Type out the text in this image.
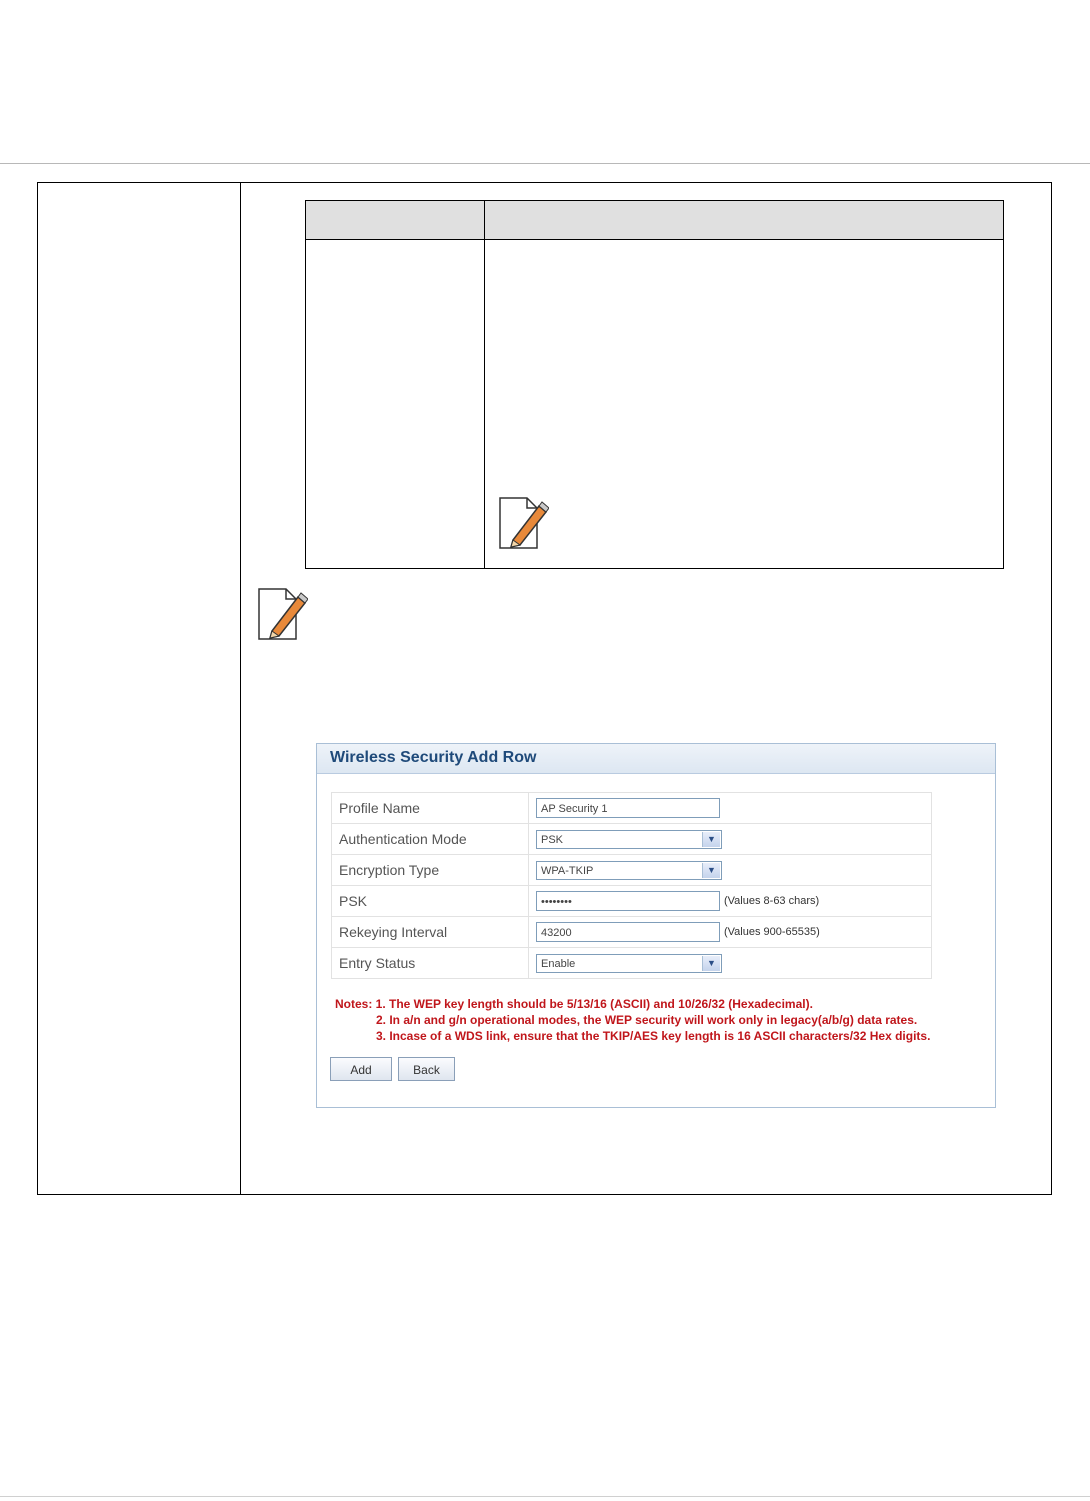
Wireless Security Add Row
Profile Name	AP Security 1
Authentication Mode	PSK ▼

Encryption Type	WPA-TKIP ▼

PSK	•••••••• (Values 8-63 chars)
Rekeying Interval	43200 (Values 900-65535)
Entry Status	Enable ▼
Notes: 1. The WEP key length should be 5/13/16 (ASCII) and 10/26/32 (Hexadecimal).
2. In a/n and g/n operational modes, the WEP security will work only in legacy(a/b/g) data rates.
3. Incase of a WDS link, ensure that the TKIP/AES key length is 16 ASCII characters/32 Hex digits.
Add	Back
